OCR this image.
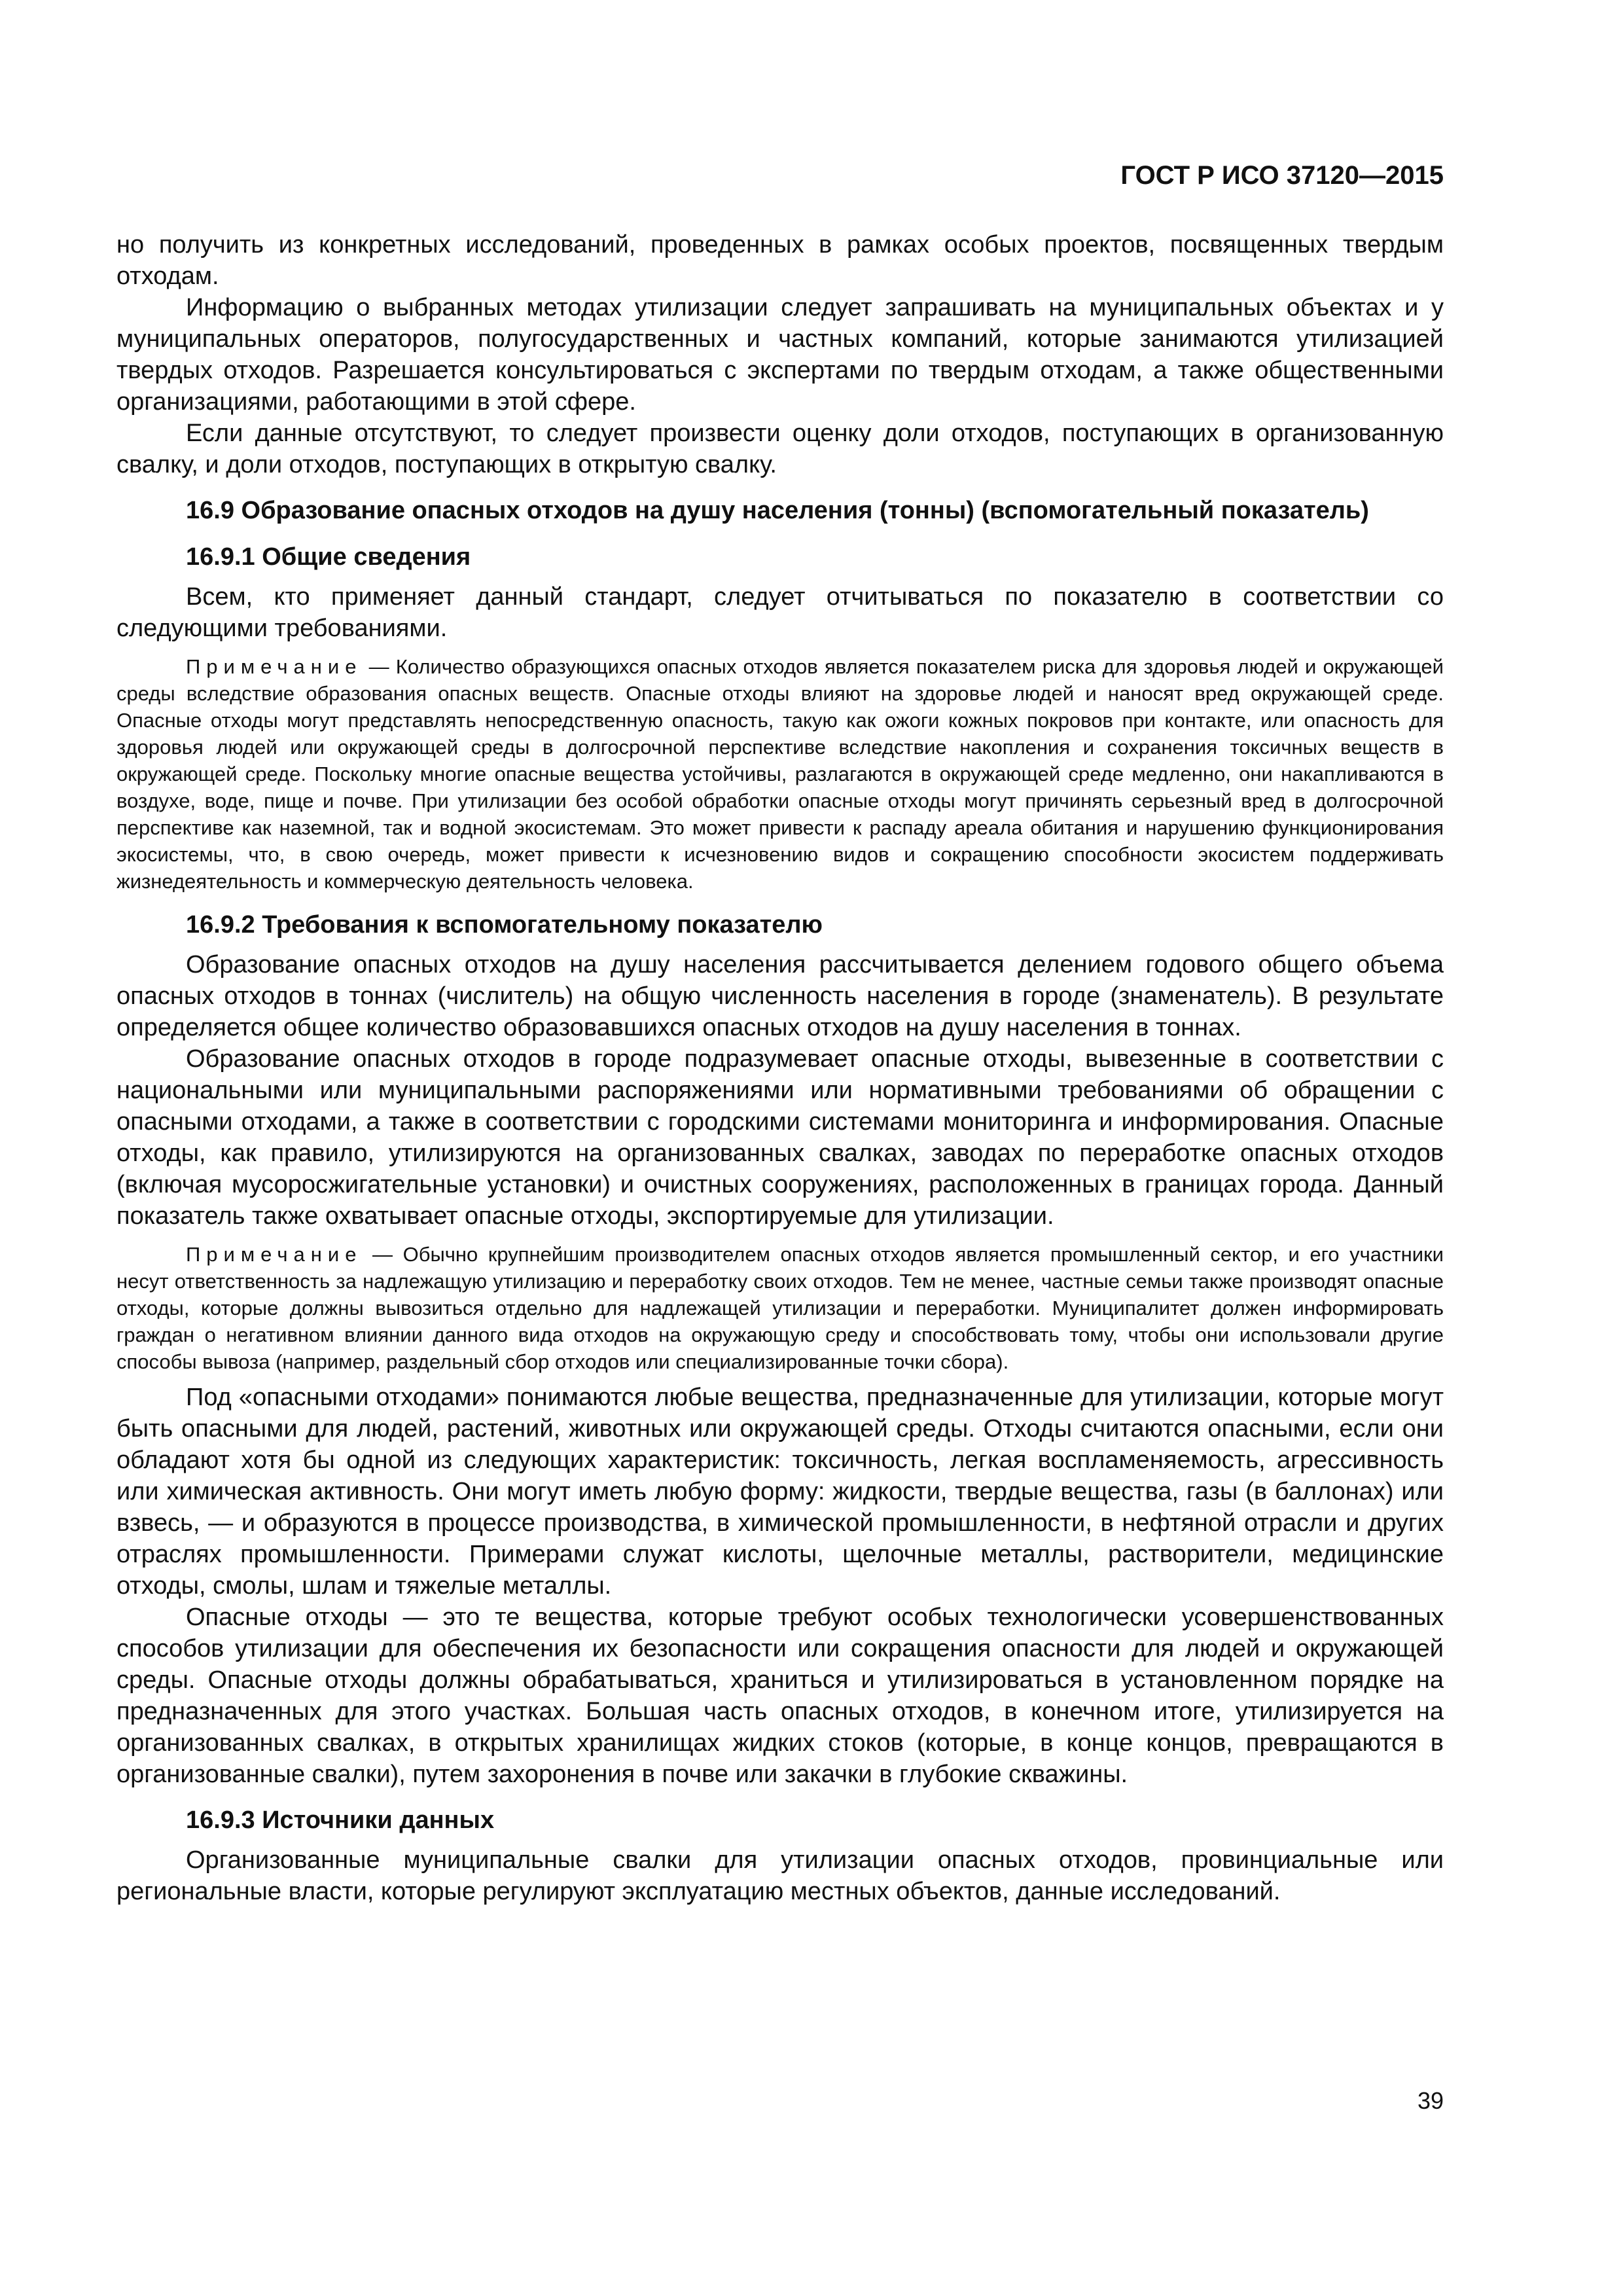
ГОСТ Р ИСО 37120—2015

но получить из конкретных исследований, проведенных в рамках особых проектов, посвященных твердым отходам.

Информацию о выбранных методах утилизации следует запрашивать на муниципальных объектах и у муниципальных операторов, полугосударственных и частных компаний, которые занимаются утилизацией твердых отходов. Разрешается консультироваться с экспертами по твердым отходам, а также общественными организациями, работающими в этой сфере.

Если данные отсутствуют, то следует произвести оценку доли отходов, поступающих в организованную свалку, и доли отходов, поступающих в открытую свалку.

16.9 Образование опасных отходов на душу населения (тонны) (вспомогательный показатель)
16.9.1 Общие сведения

Всем, кто применяет данный стандарт, следует отчитываться по показателю в соответствии со следующими требованиями.

Примечание — Количество образующихся опасных отходов является показателем риска для здоровья людей и окружающей среды вследствие образования опасных веществ. Опасные отходы влияют на здоровье людей и наносят вред окружающей среде. Опасные отходы могут представлять непосредственную опасность, такую как ожоги кожных покровов при контакте, или опасность для здоровья людей или окружающей среды в долгосрочной перспективе вследствие накопления и сохранения токсичных веществ в окружающей среде. Поскольку многие опасные вещества устойчивы, разлагаются в окружающей среде медленно, они накапливаются в воздухе, воде, пище и почве. При утилизации без особой обработки опасные отходы могут причинять серьезный вред в долгосрочной перспективе как наземной, так и водной экосистемам. Это может привести к распаду ареала обитания и нарушению функционирования экосистемы, что, в свою очередь, может привести к исчезновению видов и сокращению способности экосистем поддерживать жизнедеятельность и коммерческую деятельность человека.
16.9.2 Требования к вспомогательному показателю

Образование опасных отходов на душу населения рассчитывается делением годового общего объема опасных отходов в тоннах (числитель) на общую численность населения в городе (знаменатель). В результате определяется общее количество образовавшихся опасных отходов на душу населения в тоннах.

Образование опасных отходов в городе подразумевает опасные отходы, вывезенные в соответствии с национальными или муниципальными распоряжениями или нормативными требованиями об обращении с опасными отходами, а также в соответствии с городскими системами мониторинга и информирования. Опасные отходы, как правило, утилизируются на организованных свалках, заводах по переработке опасных отходов (включая мусоросжигательные установки) и очистных сооружениях, расположенных в границах города. Данный показатель также охватывает опасные отходы, экспортируемые для утилизации.

Примечание — Обычно крупнейшим производителем опасных отходов является промышленный сектор, и его участники несут ответственность за надлежащую утилизацию и переработку своих отходов. Тем не менее, частные семьи также производят опасные отходы, которые должны вывозиться отдельно для надлежащей утилизации и переработки. Муниципалитет должен информировать граждан о негативном влиянии данного вида отходов на окружающую среду и способствовать тому, чтобы они использовали другие способы вывоза (например, раздельный сбор отходов или специализированные точки сбора).

Под «опасными отходами» понимаются любые вещества, предназначенные для утилизации, которые могут быть опасными для людей, растений, животных или окружающей среды. Отходы считаются опасными, если они обладают хотя бы одной из следующих характеристик: токсичность, легкая воспламеняемость, агрессивность или химическая активность. Они могут иметь любую форму: жидкости, твердые вещества, газы (в баллонах) или взвесь, — и образуются в процессе производства, в химической промышленности, в нефтяной отрасли и других отраслях промышленности. Примерами служат кислоты, щелочные металлы, растворители, медицинские отходы, смолы, шлам и тяжелые металлы.

Опасные отходы — это те вещества, которые требуют особых технологически усовершенствованных способов утилизации для обеспечения их безопасности или сокращения опасности для людей и окружающей среды. Опасные отходы должны обрабатываться, храниться и утилизироваться в установленном порядке на предназначенных для этого участках. Большая часть опасных отходов, в конечном итоге, утилизируется на организованных свалках, в открытых хранилищах жидких стоков (которые, в конце концов, превращаются в организованные свалки), путем захоронения в почве или закачки в глубокие скважины.

16.9.3 Источники данных

Организованные муниципальные свалки для утилизации опасных отходов, провинциальные или региональные власти, которые регулируют эксплуатацию местных объектов, данные исследований.

39
